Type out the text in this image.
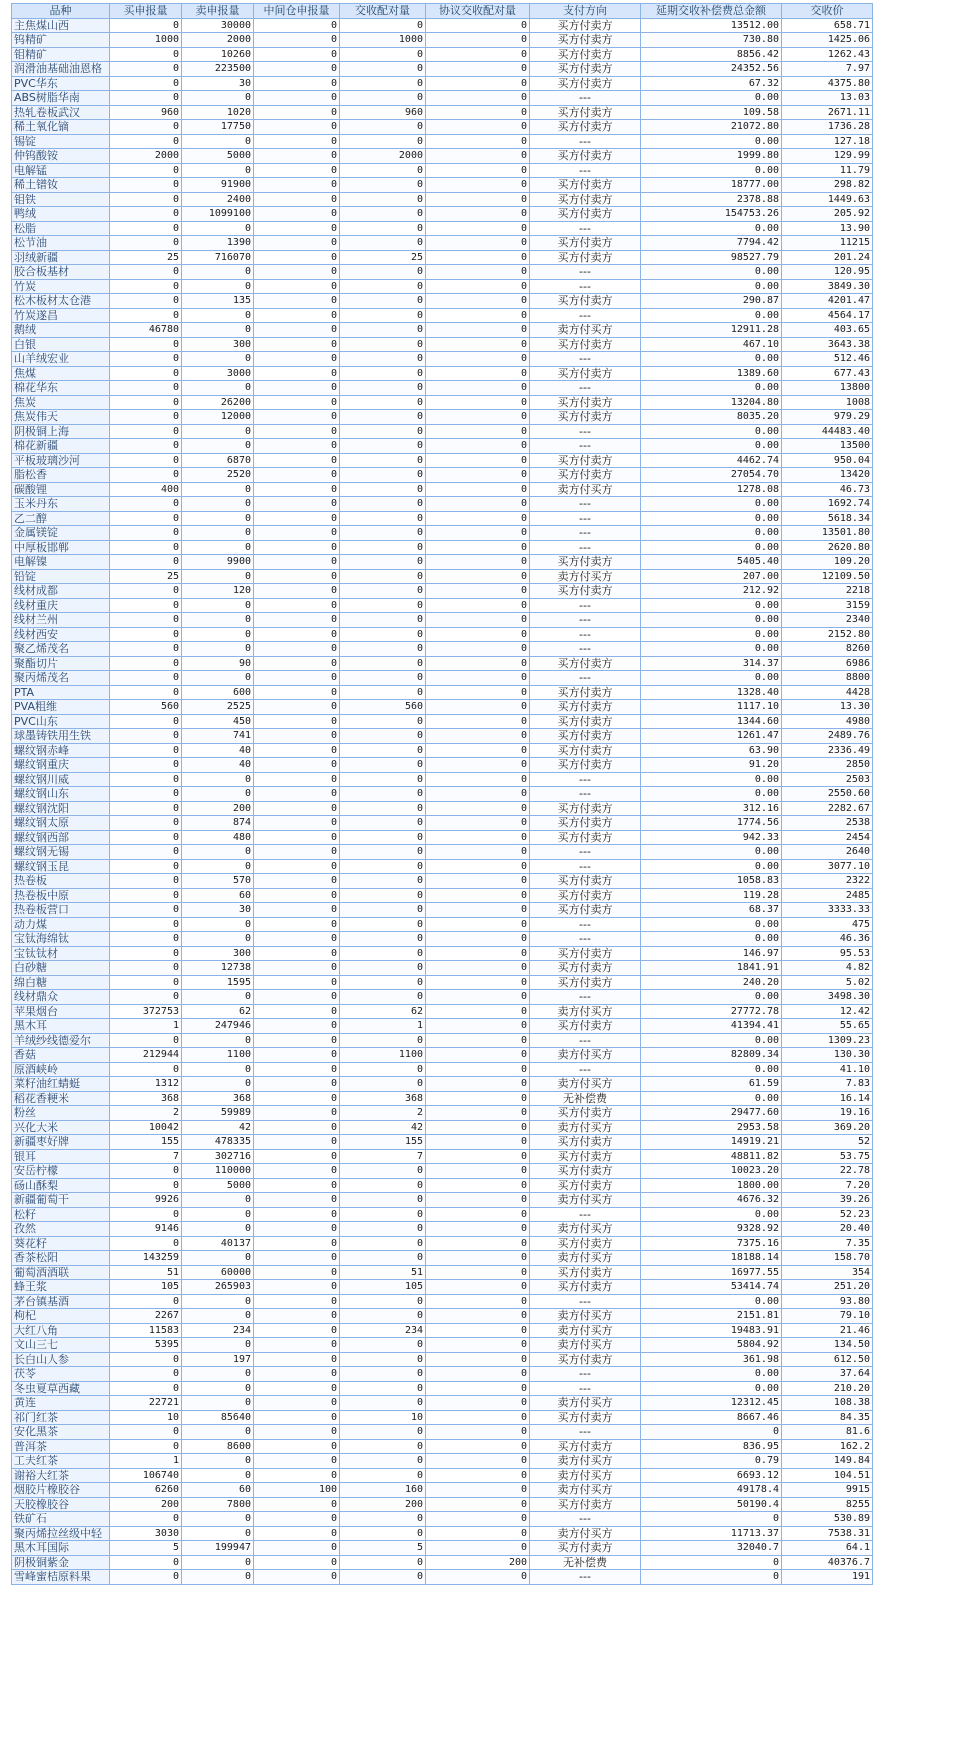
品种	买申报量	卖申报量	中间仓申报量	交收配对量	协议交收配对量	支付方向	延期交收补偿费总金额	交收价
主焦煤山西	0	30000	0	0	0	买方付卖方	13512.00	658.71
钨精矿	1000	2000	0	1000	0	买方付卖方	730.80	1425.06
钼精矿	0	10260	0	0	0	买方付卖方	8856.42	1262.43
润滑油基础油恩格	0	223500	0	0	0	买方付卖方	24352.56	7.97
PVC华东	0	30	0	0	0	买方付卖方	67.32	4375.80
ABS树脂华南	0	0	0	0	0	---	0.00	13.03
热轧卷板武汉	960	1020	0	960	0	买方付卖方	109.58	2671.11
稀土氧化镝	0	17750	0	0	0	买方付卖方	21072.80	1736.28
锡锭	0	0	0	0	0	---	0.00	127.18
仲钨酸铵	2000	5000	0	2000	0	买方付卖方	1999.80	129.99
电解锰	0	0	0	0	0	---	0.00	11.79
稀土镨钕	0	91900	0	0	0	买方付卖方	18777.00	298.82
钼铁	0	2400	0	0	0	买方付卖方	2378.88	1449.63
鸭绒	0	1099100	0	0	0	买方付卖方	154753.26	205.92
松脂	0	0	0	0	0	---	0.00	13.90
松节油	0	1390	0	0	0	买方付卖方	7794.42	11215
羽绒新疆	25	716070	0	25	0	买方付卖方	98527.79	201.24
胶合板基材	0	0	0	0	0	---	0.00	120.95
竹炭	0	0	0	0	0	---	0.00	3849.30
松木板材太仓港	0	135	0	0	0	买方付卖方	290.87	4201.47
竹炭遂昌	0	0	0	0	0	---	0.00	4564.17
鹅绒	46780	0	0	0	0	卖方付买方	12911.28	403.65
白银	0	300	0	0	0	买方付卖方	467.10	3643.38
山羊绒宏业	0	0	0	0	0	---	0.00	512.46
焦煤	0	3000	0	0	0	买方付卖方	1389.60	677.43
棉花华东	0	0	0	0	0	---	0.00	13800
焦炭	0	26200	0	0	0	买方付卖方	13204.80	1008
焦炭伟天	0	12000	0	0	0	买方付卖方	8035.20	979.29
阴极铜上海	0	0	0	0	0	---	0.00	44483.40
棉花新疆	0	0	0	0	0	---	0.00	13500
平板玻璃沙河	0	6870	0	0	0	买方付卖方	4462.74	950.04
脂松香	0	2520	0	0	0	买方付卖方	27054.70	13420
碳酸锂	400	0	0	0	0	卖方付买方	1278.08	46.73
玉米丹东	0	0	0	0	0	---	0.00	1692.74
乙二醇	0	0	0	0	0	---	0.00	5618.34
金属镁锭	0	0	0	0	0	---	0.00	13501.80
中厚板邯郸	0	0	0	0	0	---	0.00	2620.80
电解镍	0	9900	0	0	0	买方付卖方	5405.40	109.20
铅锭	25	0	0	0	0	卖方付买方	207.00	12109.50
线材成都	0	120	0	0	0	买方付卖方	212.92	2218
线材重庆	0	0	0	0	0	---	0.00	3159
线材兰州	0	0	0	0	0	---	0.00	2340
线材西安	0	0	0	0	0	---	0.00	2152.80
聚乙烯茂名	0	0	0	0	0	---	0.00	8260
聚酯切片	0	90	0	0	0	买方付卖方	314.37	6986
聚丙烯茂名	0	0	0	0	0	---	0.00	8800
PTA	0	600	0	0	0	买方付卖方	1328.40	4428
PVA粗维	560	2525	0	560	0	买方付卖方	1117.10	13.30
PVC山东	0	450	0	0	0	买方付卖方	1344.60	4980
球墨铸铁用生铁	0	741	0	0	0	买方付卖方	1261.47	2489.76
螺纹钢赤峰	0	40	0	0	0	买方付卖方	63.90	2336.49
螺纹钢重庆	0	40	0	0	0	买方付卖方	91.20	2850
螺纹钢川威	0	0	0	0	0	---	0.00	2503
螺纹钢山东	0	0	0	0	0	---	0.00	2550.60
螺纹钢沈阳	0	200	0	0	0	买方付卖方	312.16	2282.67
螺纹钢太原	0	874	0	0	0	买方付卖方	1774.56	2538
螺纹钢西部	0	480	0	0	0	买方付卖方	942.33	2454
螺纹钢无锡	0	0	0	0	0	---	0.00	2640
螺纹钢玉昆	0	0	0	0	0	---	0.00	3077.10
热卷板	0	570	0	0	0	买方付卖方	1058.83	2322
热卷板中原	0	60	0	0	0	买方付卖方	119.28	2485
热卷板营口	0	30	0	0	0	买方付卖方	68.37	3333.33
动力煤	0	0	0	0	0	---	0.00	475
宝钛海绵钛	0	0	0	0	0	---	0.00	46.36
宝钛钛材	0	300	0	0	0	买方付卖方	146.97	95.53
白砂糖	0	12738	0	0	0	买方付卖方	1841.91	4.82
绵白糖	0	1595	0	0	0	买方付卖方	240.20	5.02
线材鼎众	0	0	0	0	0	---	0.00	3498.30
苹果烟台	372753	62	0	62	0	卖方付买方	27772.78	12.42
黑木耳	1	247946	0	1	0	买方付卖方	41394.41	55.65
羊绒纱线德爱尔	0	0	0	0	0	---	0.00	1309.23
香菇	212944	1100	0	1100	0	卖方付买方	82809.34	130.30
原酒峡岭	0	0	0	0	0	---	0.00	41.10
菜籽油红蜻蜓	1312	0	0	0	0	卖方付买方	61.59	7.83
稻花香粳米	368	368	0	368	0	无补偿费	0.00	16.14
粉丝	2	59989	0	2	0	买方付卖方	29477.60	19.16
兴化大米	10042	42	0	42	0	卖方付买方	2953.58	369.20
新疆枣好牌	155	478335	0	155	0	买方付卖方	14919.21	52
银耳	7	302716	0	7	0	买方付卖方	48811.82	53.75
安岳柠檬	0	110000	0	0	0	买方付卖方	10023.20	22.78
砀山酥梨	0	5000	0	0	0	买方付卖方	1800.00	7.20
新疆葡萄干	9926	0	0	0	0	卖方付买方	4676.32	39.26
松籽	0	0	0	0	0	---	0.00	52.23
孜然	9146	0	0	0	0	卖方付买方	9328.92	20.40
葵花籽	0	40137	0	0	0	买方付卖方	7375.16	7.35
香茶松阳	143259	0	0	0	0	卖方付买方	18188.14	158.70
葡萄酒酒联	51	60000	0	51	0	买方付卖方	16977.55	354
蜂王浆	105	265903	0	105	0	买方付卖方	53414.74	251.20
茅台镇基酒	0	0	0	0	0	---	0.00	93.80
枸杞	2267	0	0	0	0	卖方付买方	2151.81	79.10
大红八角	11583	234	0	234	0	卖方付买方	19483.91	21.46
文山三七	5395	0	0	0	0	卖方付买方	5804.92	134.50
长白山人参	0	197	0	0	0	买方付卖方	361.98	612.50
茯苓	0	0	0	0	0	---	0.00	37.64
冬虫夏草西藏	0	0	0	0	0	---	0.00	210.20
黄连	22721	0	0	0	0	卖方付买方	12312.45	108.38
祁门红茶	10	85640	0	10	0	买方付卖方	8667.46	84.35
安化黑茶	0	0	0	0	0	---	0	81.6
普洱茶	0	8600	0	0	0	买方付卖方	836.95	162.2
工夫红茶	1	0	0	0	0	卖方付买方	0.79	149.84
谢裕大红茶	106740	0	0	0	0	卖方付买方	6693.12	104.51
烟胶片橡胶谷	6260	60	100	160	0	卖方付买方	49178.4	9915
天胶橡胶谷	200	7800	0	200	0	买方付卖方	50190.4	8255
铁矿石	0	0	0	0	0	---	0	530.89
聚丙烯拉丝级中轻	3030	0	0	0	0	卖方付买方	11713.37	7538.31
黑木耳国际	5	199947	0	5	0	买方付卖方	32040.7	64.1
阴极铜紫金	0	0	0	0	200	无补偿费	0	40376.7
雪峰蜜桔原料果	0	0	0	0	0	---	0	191
